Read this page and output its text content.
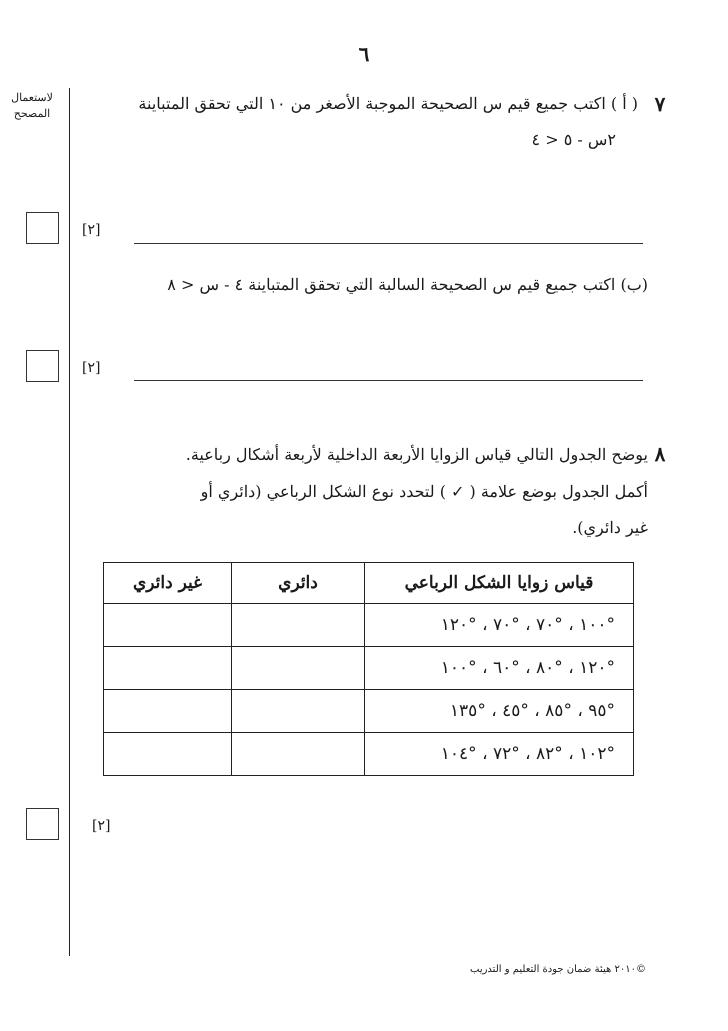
٦
لاستعمال المصحح	٧
( أ ) اكتب جميع قيم س الصحيحة الموجبة الأصغر من ١٠ التي تحقق المتباينة
٢س - ٥ < ٤
[٢]
(ب) اكتب جميع قيم س الصحيحة السالبة التي تحقق المتباينة ٤ - س < ٨
[٢]
٨
يوضح الجدول التالي قياس الزوايا الأربعة الداخلية لأربعة أشكال رباعية.
أكمل الجدول بوضع علامة ( ✓ ) لتحدد نوع الشكل الرباعي (دائري أو
غير دائري).
قياس زوايا الشكل الرباعي	دائري	غير دائري
°١٠٠ ، °٧٠ ، °٧٠ ، °١٢٠		
°١٢٠ ، °٨٠ ، °٦٠ ، °١٠٠		
°٩٥ ، °٨٥ ، °٤٥ ، °١٣٥		
°١٠٢ ، °٨٢ ، °٧٢ ، °١٠٤		
[٢]
©٢٠١٠ هيئة ضمان جودة التعليم و التدريب
